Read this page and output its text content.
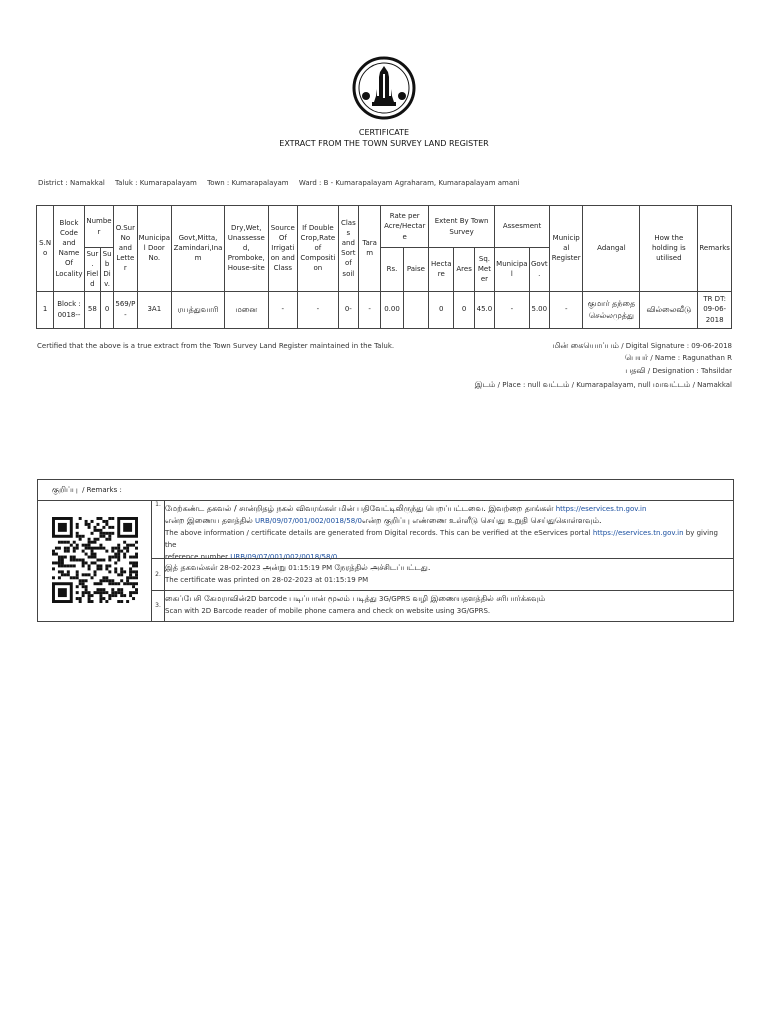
CERTIFICATE
EXTRACT FROM THE TOWN SURVEY LAND REGISTER
District : Namakkal Taluk : Kumarapalayam Town : Kumarapalayam Ward : B - Kumarapalayam Agraharam, Kumarapalayam amani
S.No	Block Code and Name Of Locality	Number		O.Sur No and Letter	Municipal Door No.	Govt,Mitta, Zamindari,Inam	Dry,Wet, Unassessed, Promboke, House-site	Source Of Irrigation and Class	If Double Crop,Rate of Composition	Class and Sort of soil	Taram	Rate per Acre/Hectare		Extent By Town Survey			Assesment		Municipal Register	Adangal	How the holding is utilised	Remarks
		Sur. Field	Sub Div.									Rs.	Paise	Hectare	Ares	Sq. Meter	Municipal	Govt.				
1	Block : 0018--	58	0	569/P -	3A1	ரயத்துவாரி	மனை	-	-	0-	-	0.00		0	0	45.0	-	5.00	-	குமார் தந்தை செல்லமுத்து	வில்லைவீடு	TR DT: 09-06-2018
Certified that the above is a true extract from the Town Survey Land Register maintained in the Taluk.	மின் கையொப்பம் / Digital Signature : 09-06-2018
பெயர் / Name : Ragunathan R
பதவி / Designation : Tahsildar
இடம் / Place : null வட்டம் / Kumarapalayam, null மாவட்டம் / Namakkal
குறிப்பு / Remarks :
1. மேற்கண்ட தகவல் / சான்றிதழ் நகல் விவரங்கள் மின் பதிவேட்டிலிருந்து பெறப்பட்டவை. இவற்றை தாங்கள் https://eservices.tn.gov.in
என்ற இணைய தளத்தில் URB/09/07/001/002/0018/58/0என்ற குறிப்பு எண்ணை உள்ளீடு செய்து உறுதி செய்துகொள்ளவும்.
The above information / certificate details are generated from Digital records. This can be verified at the eServices portal https://eservices.tn.gov.in by giving the
reference number URB/09/07/001/002/0018/58/0
2.
இத் தகவல்கள் 28-02-2023 அன்று 01:15:19 PM நேரத்தில் அச்சிடப்பட்டது.
The certificate was printed on 28-02-2023 at 01:15:19 PM
3.
கைப்பேசி கேமராவின்2D barcode படிப்பான் மூலம் படித்து 3G/GPRS வழி இணையதளத்தில் சரிபார்க்கவும்
Scan with 2D Barcode reader of mobile phone camera and check on website using 3G/GPRS.
